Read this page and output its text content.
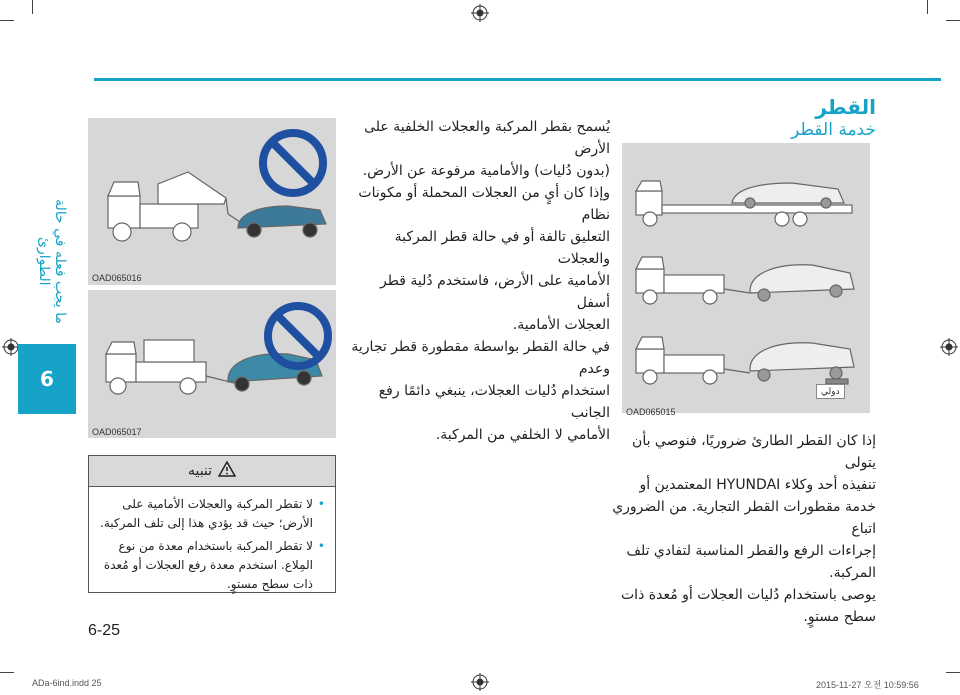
ما يجب فعله في حالة الطوارئ
6
OAD065016
OAD065017
تنبيه
• لا تقطر المركبة والعجلات الأمامية على الأرض؛ حيث قد يؤدي هذا إلى تلف المركبة.
• لا تقطر المركبة باستخدام معدة من نوع المِلاع. استخدم معدة رفع العجلات أو مُعدة ذات سطح مستوٍ.
6-25

يُسمح بقطر المركبة والعجلات الخلفية على الأرض

(بدون دُليات) والأمامية مرفوعة عن الأرض.

وإذا كان أيٍ من العجلات المحملة أو مكونات نظام

التعليق تالفة أو في حالة قطر المركبة والعجلات

الأمامية على الأرض، فاستخدم دُلية قطر أسفل

العجلات الأمامية.

في حالة القطر بواسطة مقطورة قطر تجارية وعدم

استخدام دُليات العجلات، ينبغي دائمًا رفع الجانب

الأمامي لا الخلفي من المركبة.

القطر
خدمة القطر
دولي
OAD065015

إذا كان القطر الطارئ ضروريًا، فنوصي بأن يتولى

تنفيذه أحد وكلاء HYUNDAI المعتمدين أو

خدمة مقطورات القطر التجارية. من الضروري اتباع

إجراءات الرفع والقطر المناسبة لتفادي تلف المركبة.

يوصى باستخدام دُليات العجلات أو مُعدة ذات

سطح مستوٍ.

ADa-6ind.indd 25	2015-11-27 오전 10:59:56
